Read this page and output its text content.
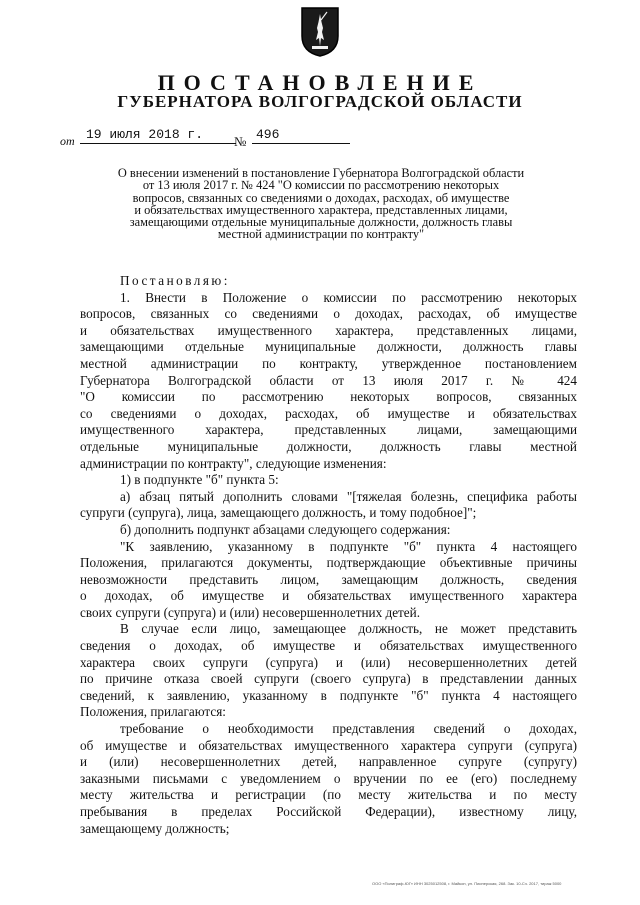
ПОСТАНОВЛЕНИЕ
ГУБЕРНАТОРА ВОЛГОГРАДСКОЙ ОБЛАСТИ
от 19 июля 2018 г. № 496
О внесении изменений в постановление Губернатора Волгоградской области
от 13 июля 2017 г. № 424 "О комиссии по рассмотрению некоторых
вопросов, связанных со сведениями о доходах, расходах, об имуществе
и обязательствах имущественного характера, представленных лицами,
замещающими отдельные муниципальные должности, должность главы
местной администрации по контракту"
Постановляю:
1. Внести в Положение о комиссии по рассмотрению некоторых
вопросов, связанных со сведениями о доходах, расходах, об имуществе
и обязательствах имущественного характера, представленных лицами,
замещающими отдельные муниципальные должности, должность главы
местной администрации по контракту, утвержденное постановлением
Губернатора Волгоградской области от 13 июля 2017 г. № 424
"О комиссии по рассмотрению некоторых вопросов, связанных
со сведениями о доходах, расходах, об имуществе и обязательствах
имущественного характера, представленных лицами, замещающими
отдельные муниципальные должности, должность главы местной
администрации по контракту", следующие изменения:
1) в подпункте "б" пункта 5:
а) абзац пятый дополнить словами "[тяжелая болезнь, специфика работы
супруги (супруга), лица, замещающего должность, и тому подобное]";
б) дополнить подпункт абзацами следующего содержания:
"К заявлению, указанному в подпункте "б" пункта 4 настоящего
Положения, прилагаются документы, подтверждающие объективные причины
невозможности представить лицом, замещающим должность, сведения
о доходах, об имуществе и обязательствах имущественного характера
своих супруги (супруга) и (или) несовершеннолетних детей.
В случае если лицо, замещающее должность, не может представить
сведения о доходах, об имуществе и обязательствах имущественного
характера своих супруги (супруга) и (или) несовершеннолетних детей
по причине отказа своей супруги (своего супруга) в представлении данных
сведений, к заявлению, указанному в подпункте "б" пункта 4 настоящего
Положения, прилагаются:
требование о необходимости представления сведений о доходах,
об имуществе и обязательствах имущественного характера супруги (супруга)
и (или) несовершеннолетних детей, направленное супруге (супругу)
заказными письмами с уведомлением о вручении по ее (его) последнему
месту жительства и регистрации (по месту жительства и по месту
пребывания в пределах Российской Федерации), известному лицу,
замещающему должность;
ООО «Полиграф-ЮГ» ИНН 3025012508, г. Майкоп, ул. Пионерская, 268. Зак. 10-Сч. 2017, тираж 5000
